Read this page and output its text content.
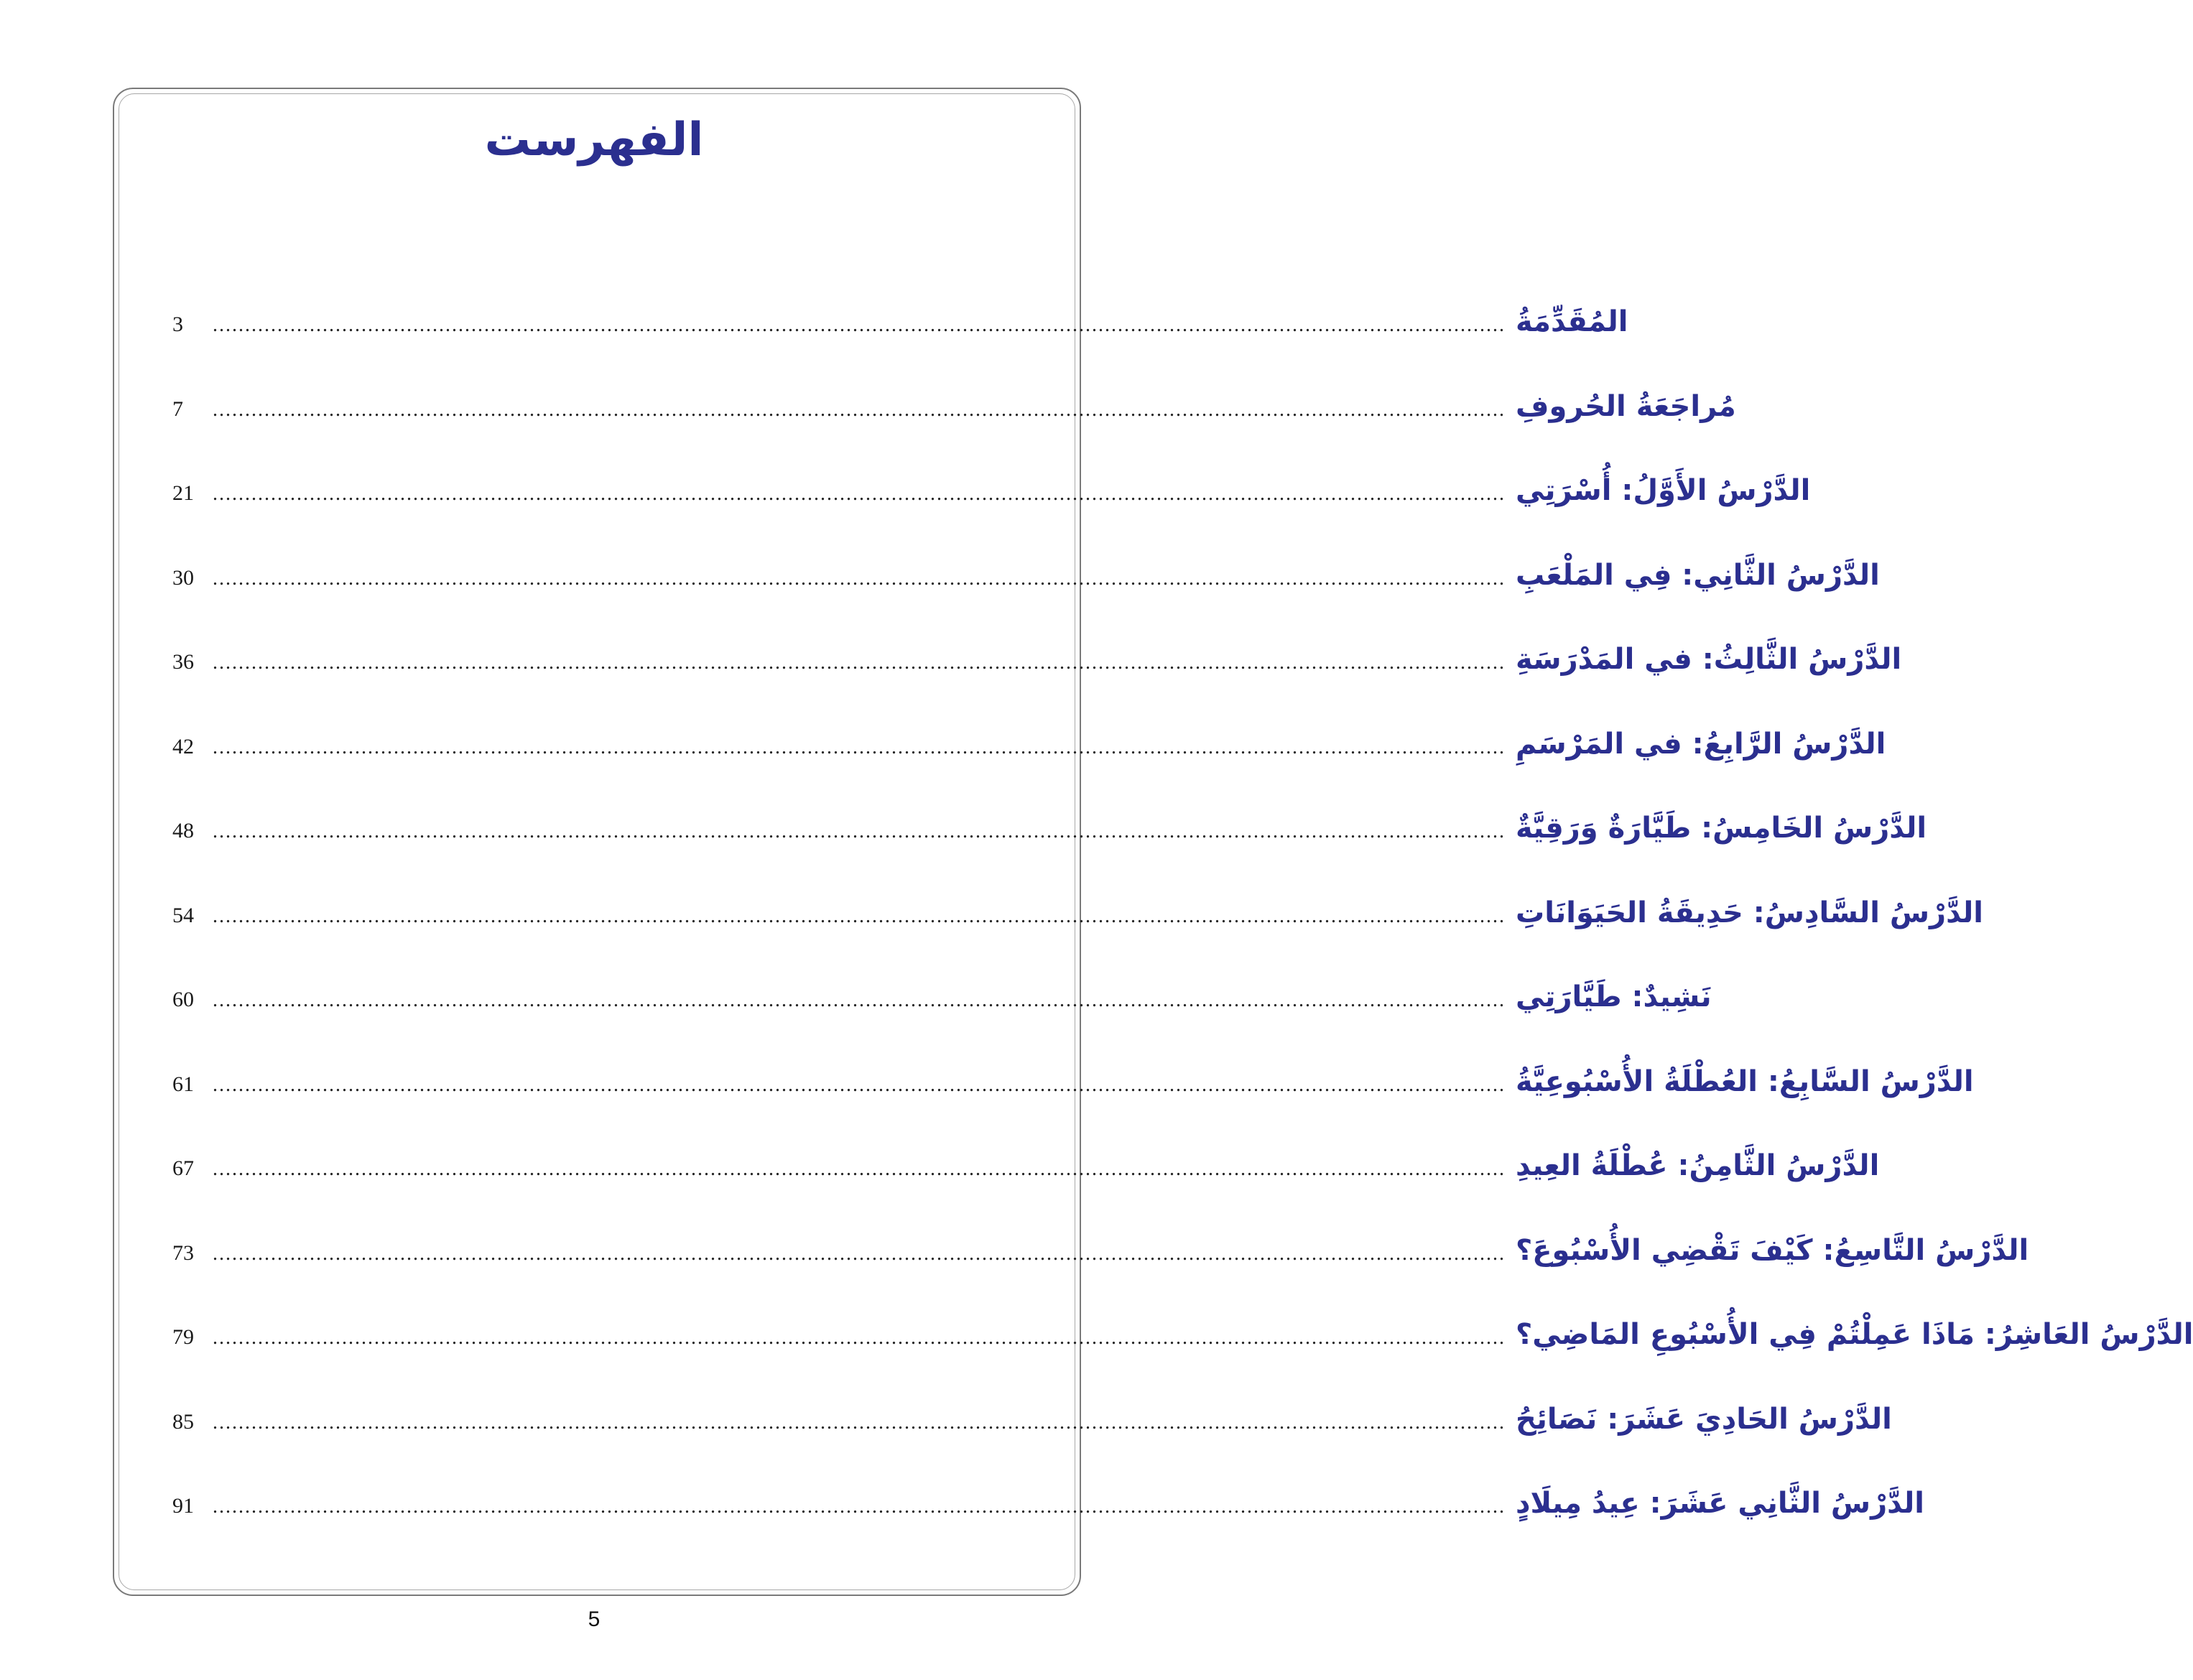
الفهرست
3	........................................................................................................................................................................................................ المُقَدِّمَةُ
7	........................................................................................................................................................................................................ مُراجَعَةُ الحُروفِ
21 ........................................................................................................................................................................................................ الدَّرْسُ الأَوَّلُ: أُسْرَتِي
30 ........................................................................................................................................................................................................ الدَّرْسُ الثَّانِي: فِي المَلْعَبِ
36 ........................................................................................................................................................................................................ الدَّرْسُ الثَّالِثُ: في المَدْرَسَةِ
42 ........................................................................................................................................................................................................ الدَّرْسُ الرَّابِعُ: في المَرْسَمِ
48 ........................................................................................................................................................................................................ الدَّرْسُ الخَامِسُ: طَيَّارَةٌ وَرَقِيَّةٌ
54 ........................................................................................................................................................................................................ الدَّرْسُ السَّادِسُ: حَدِيقَةُ الحَيَوَانَاتِ
60 ........................................................................................................................................................................................................ نَشِيدٌ: طَيَّارَتِي
61 ........................................................................................................................................................................................................ الدَّرْسُ السَّابِعُ: العُطْلَةُ الأُسْبُوعِيَّةُ
67 ........................................................................................................................................................................................................ الدَّرْسُ الثَّامِنُ: عُطْلَةُ العِيدِ
73 ........................................................................................................................................................................................................ الدَّرْسُ التَّاسِعُ: كَيْفَ تَقْضِي الأُسْبُوعَ؟
79 ........................................................................................................................................................................................................ الدَّرْسُ العَاشِرُ: مَاذَا عَمِلْتُمْ فِي الأُسْبُوعِ المَاضِي؟
85 ........................................................................................................................................................................................................ الدَّرْسُ الحَادِيَ عَشَرَ: نَصَائِحُ
91 ........................................................................................................................................................................................................ الدَّرْسُ الثَّانِي عَشَرَ: عِيدُ مِيلَادٍ
5
